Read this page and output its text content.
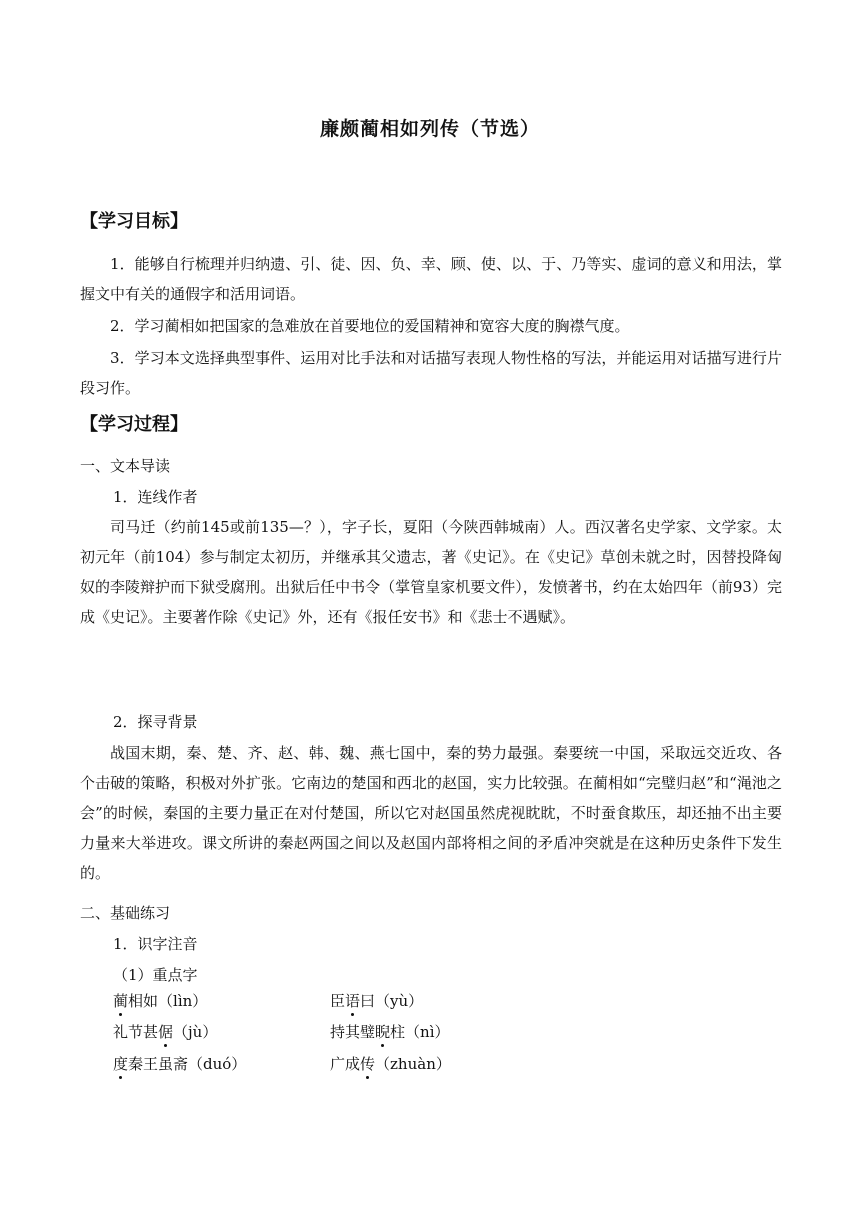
廉颇蔺相如列传（节选）
【学习目标】

1．能够自行梳理并归纳遗、引、徒、因、负、幸、顾、使、以、于、乃等实、虚词的意义和用法，掌握文中有关的通假字和活用词语。

2．学习蔺相如把国家的急难放在首要地位的爱国精神和宽容大度的胸襟气度。

3．学习本文选择典型事件、运用对比手法和对话描写表现人物性格的写法，并能运用对话描写进行片段习作。

【学习过程】
一、文本导读
1．连线作者

司马迁（约前145或前135—？），字子长，夏阳（今陕西韩城南）人。西汉著名史学家、文学家。太初元年（前104）参与制定太初历，并继承其父遗志，著《史记》。在《史记》草创未就之时，因替投降匈奴的李陵辩护而下狱受腐刑。出狱后任中书令（掌管皇家机要文件），发愤著书，约在太始四年（前93）完成《史记》。主要著作除《史记》外，还有《报任安书》和《悲士不遇赋》。

2．探寻背景

战国末期，秦、楚、齐、赵、韩、魏、燕七国中，秦的势力最强。秦要统一中国，采取远交近攻、各个击破的策略，积极对外扩张。它南边的楚国和西北的赵国，实力比较强。在蔺相如“完璧归赵”和“渑池之会”的时候，秦国的主要力量正在对付楚国，所以它对赵国虽然虎视眈眈，不时蚕食欺压，却还抽不出主要力量来大举进攻。课文所讲的秦赵两国之间以及赵国内部将相之间的矛盾冲突就是在这种历史条件下发生的。

二、基础练习
1．识字注音
（1）重点字
蔺相如（lìn）	臣语曰（yù）
礼节甚倨（jù）	持其璧睨柱（nì）
度秦王虽斋（duó）	广成传（zhuàn）
